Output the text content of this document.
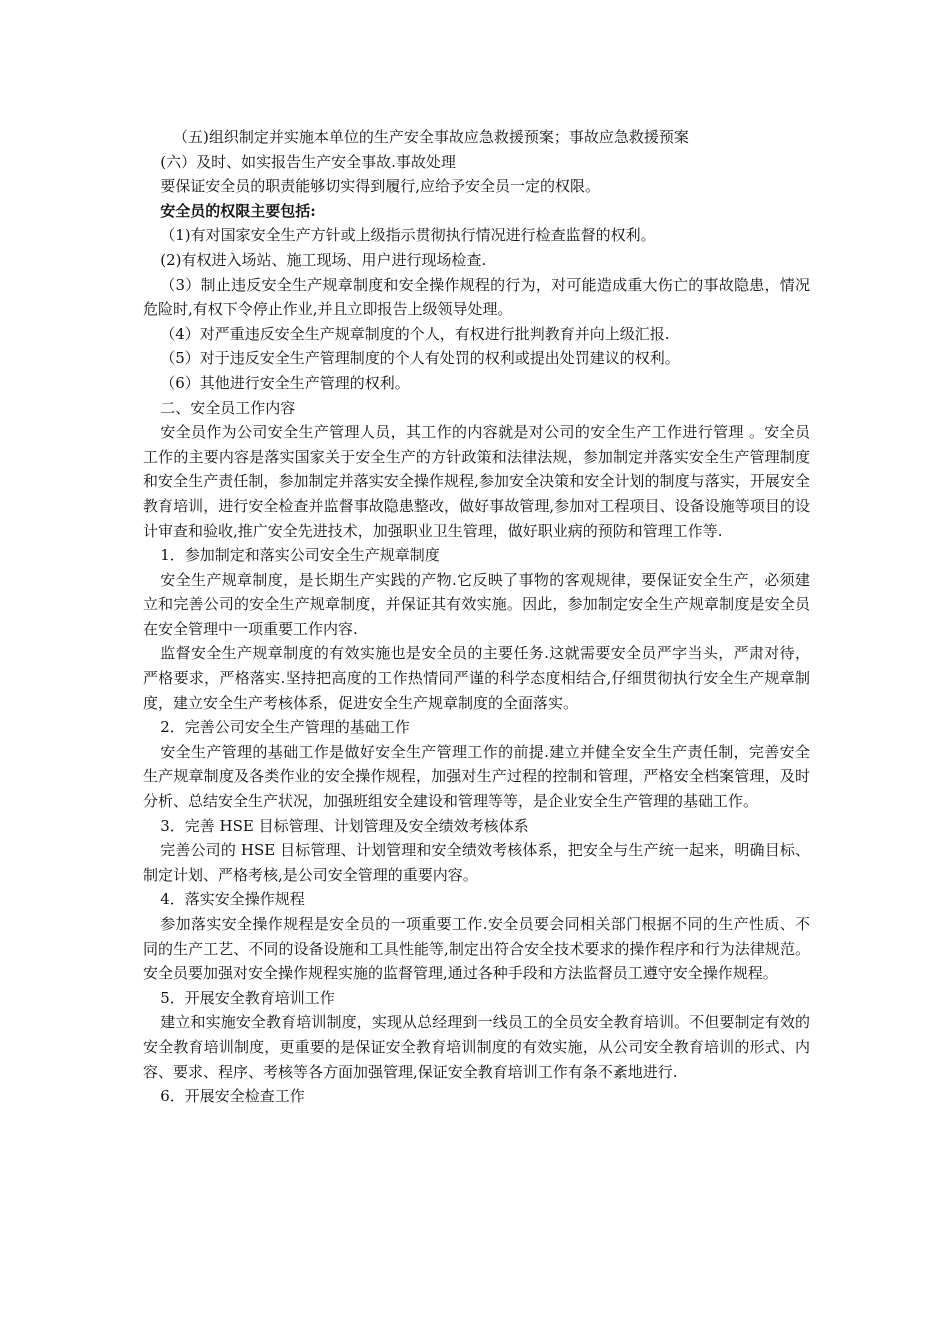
（五)组织制定并实施本单位的生产安全事故应急救援预案；事故应急救援预案

(六）及时、如实报告生产安全事故.事故处理

要保证安全员的职责能够切实得到履行,应给予安全员一定的权限。

安全员的权限主要包括:

（1)有对国家安全生产方针或上级指示贯彻执行情况进行检查监督的权利。

(2)有权进入场站、施工现场、用户进行现场检查.

（3）制止违反安全生产规章制度和安全操作规程的行为，对可能造成重大伤亡的事故隐患，情况危险时,有权下令停止作业,并且立即报告上级领导处理。

（4）对严重违反安全生产规章制度的个人，有权进行批判教育并向上级汇报.

（5）对于违反安全生产管理制度的个人有处罚的权利或提出处罚建议的权利。

（6）其他进行安全生产管理的权利。

二、安全员工作内容

安全员作为公司安全生产管理人员，其工作的内容就是对公司的安全生产工作进行管理 。安全员工作的主要内容是落实国家关于安全生产的方针政策和法律法规，参加制定并落实安全生产管理制度和安全生产责任制，参加制定并落实安全操作规程,参加安全决策和安全计划的制度与落实，开展安全教育培训，进行安全检查并监督事故隐患整改，做好事故管理,参加对工程项目、设备设施等项目的设计审查和验收,推广安全先进技术，加强职业卫生管理，做好职业病的预防和管理工作等.

1．参加制定和落实公司安全生产规章制度

安全生产规章制度，是长期生产实践的产物.它反映了事物的客观规律，要保证安全生产，必须建立和完善公司的安全生产规章制度，并保证其有效实施。因此，参加制定安全生产规章制度是安全员在安全管理中一项重要工作内容.

监督安全生产规章制度的有效实施也是安全员的主要任务.这就需要安全员严字当头，严肃对待，严格要求，严格落实.坚持把高度的工作热情同严谨的科学态度相结合,仔细贯彻执行安全生产规章制度，建立安全生产考核体系，促进安全生产规章制度的全面落实。

2．完善公司安全生产管理的基础工作

安全生产管理的基础工作是做好安全生产管理工作的前提.建立并健全安全生产责任制，完善安全生产规章制度及各类作业的安全操作规程，加强对生产过程的控制和管理，严格安全档案管理，及时分析、总结安全生产状况，加强班组安全建设和管理等等，是企业安全生产管理的基础工作。

3．完善 HSE 目标管理、计划管理及安全绩效考核体系

完善公司的 HSE 目标管理、计划管理和安全绩效考核体系，把安全与生产统一起来，明确目标、制定计划、严格考核,是公司安全管理的重要内容。

4．落实安全操作规程

参加落实安全操作规程是安全员的一项重要工作.安全员要会同相关部门根据不同的生产性质、不同的生产工艺、不同的设备设施和工具性能等,制定出符合安全技术要求的操作程序和行为法律规范。安全员要加强对安全操作规程实施的监督管理,通过各种手段和方法监督员工遵守安全操作规程。

5．开展安全教育培训工作

建立和实施安全教育培训制度，实现从总经理到一线员工的全员安全教育培训。不但要制定有效的安全教育培训制度，更重要的是保证安全教育培训制度的有效实施，从公司安全教育培训的形式、内容、要求、程序、考核等各方面加强管理,保证安全教育培训工作有条不紊地进行.

6．开展安全检查工作
